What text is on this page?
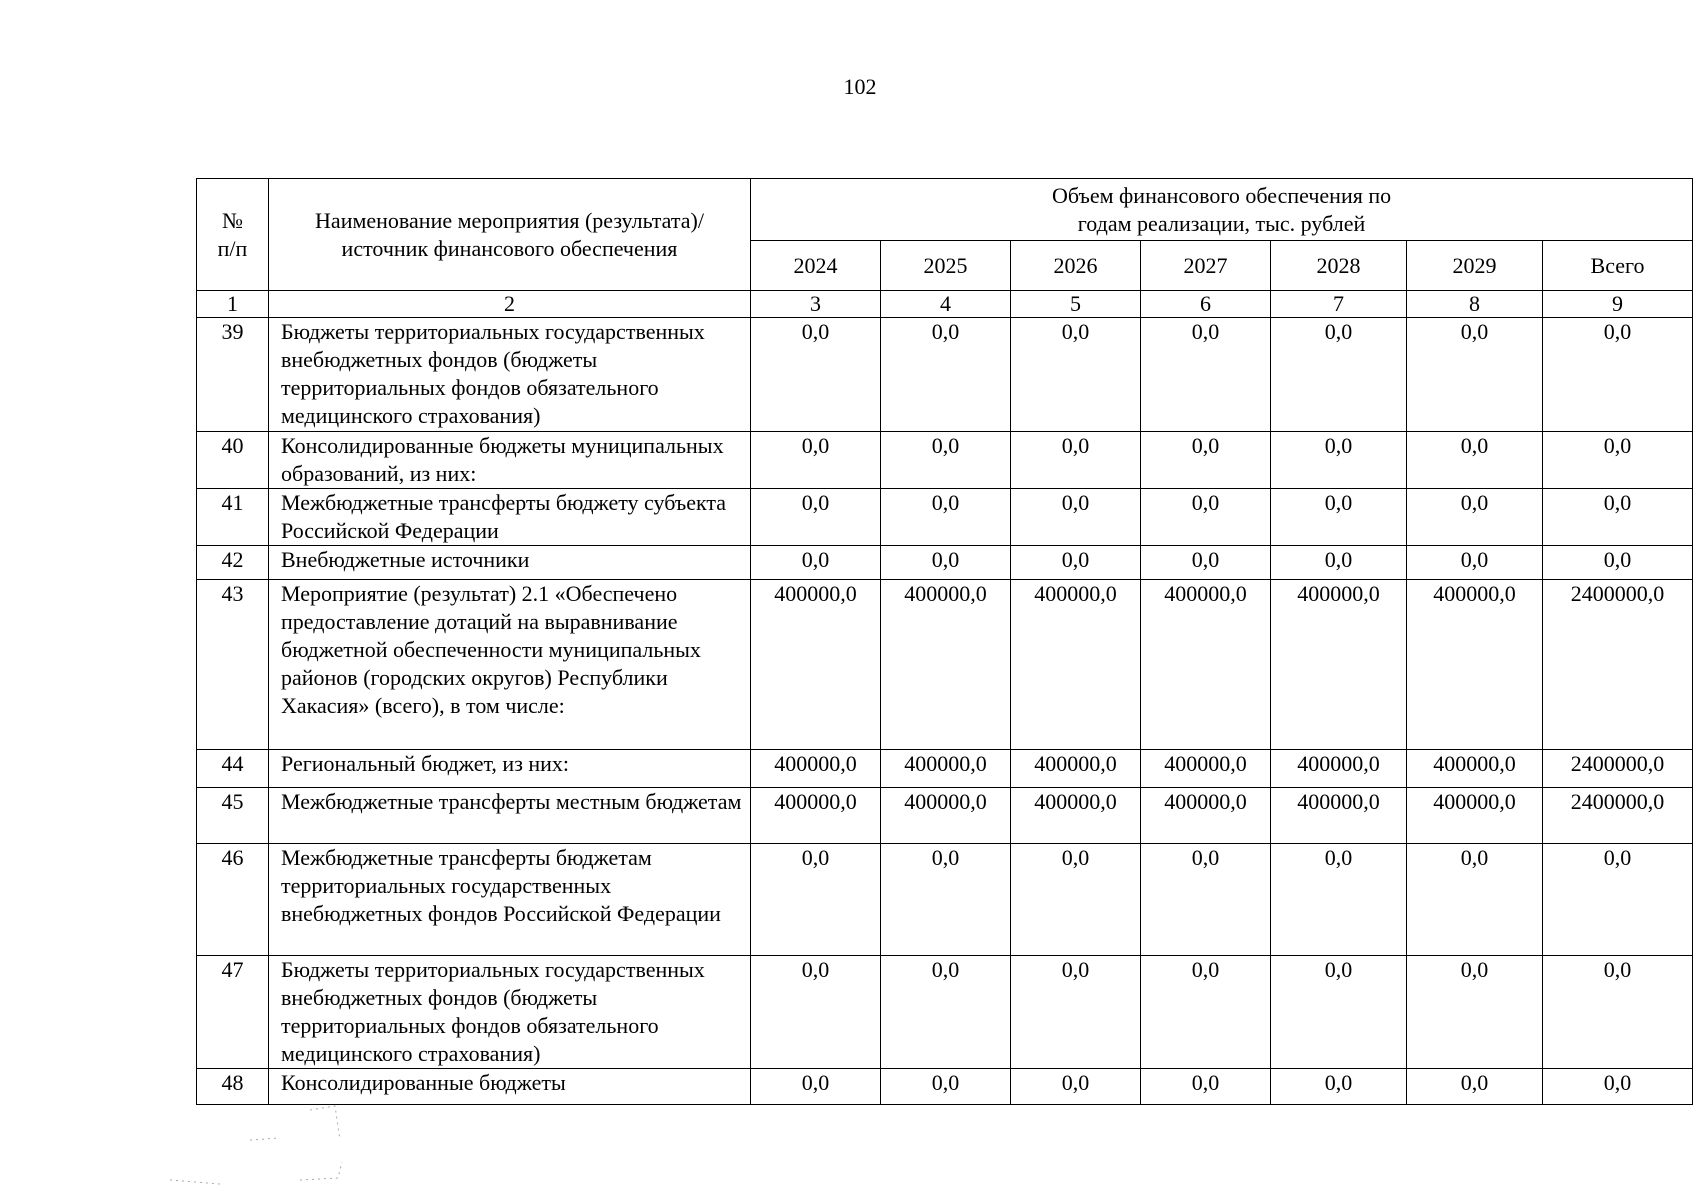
102
№
п/п	Наименование мероприятия (результата)/ источник финансового обеспечения	Объем финансового обеспечения по годам реализации, тыс. рублей						
		2024	2025	2026	2027	2028	2029	Всего
1	2	3	4	5	6	7	8	9
39	Бюджеты территориальных государственных внебюджетных фондов (бюджеты территориальных фондов обязательного медицинского страхования)	0,0	0,0	0,0	0,0	0,0	0,0	0,0
40	Консолидированные бюджеты муниципальных образований, из них:	0,0	0,0	0,0	0,0	0,0	0,0	0,0
41	Межбюджетные трансферты бюджету субъекта Российской Федерации	0,0	0,0	0,0	0,0	0,0	0,0	0,0
42	Внебюджетные источники	0,0	0,0	0,0	0,0	0,0	0,0	0,0
43	Мероприятие (результат) 2.1 «Обеспечено предоставление дотаций на выравнивание бюджетной обеспеченности муниципальных районов (городских округов) Республики Хакасия» (всего), в том числе:	400000,0	400000,0	400000,0	400000,0	400000,0	400000,0	2400000,0
44	Региональный бюджет, из них:	400000,0	400000,0	400000,0	400000,0	400000,0	400000,0	2400000,0
45	Межбюджетные трансферты местным бюджетам	400000,0	400000,0	400000,0	400000,0	400000,0	400000,0	2400000,0
46	Межбюджетные трансферты бюджетам территориальных государственных внебюджетных фондов Российской Федерации	0,0	0,0	0,0	0,0	0,0	0,0	0,0
47	Бюджеты территориальных государственных внебюджетных фондов (бюджеты территориальных фондов обязательного медицинского страхования)	0,0	0,0	0,0	0,0	0,0	0,0	0,0
48	Консолидированные бюджеты	0,0	0,0	0,0	0,0	0,0	0,0	0,0
